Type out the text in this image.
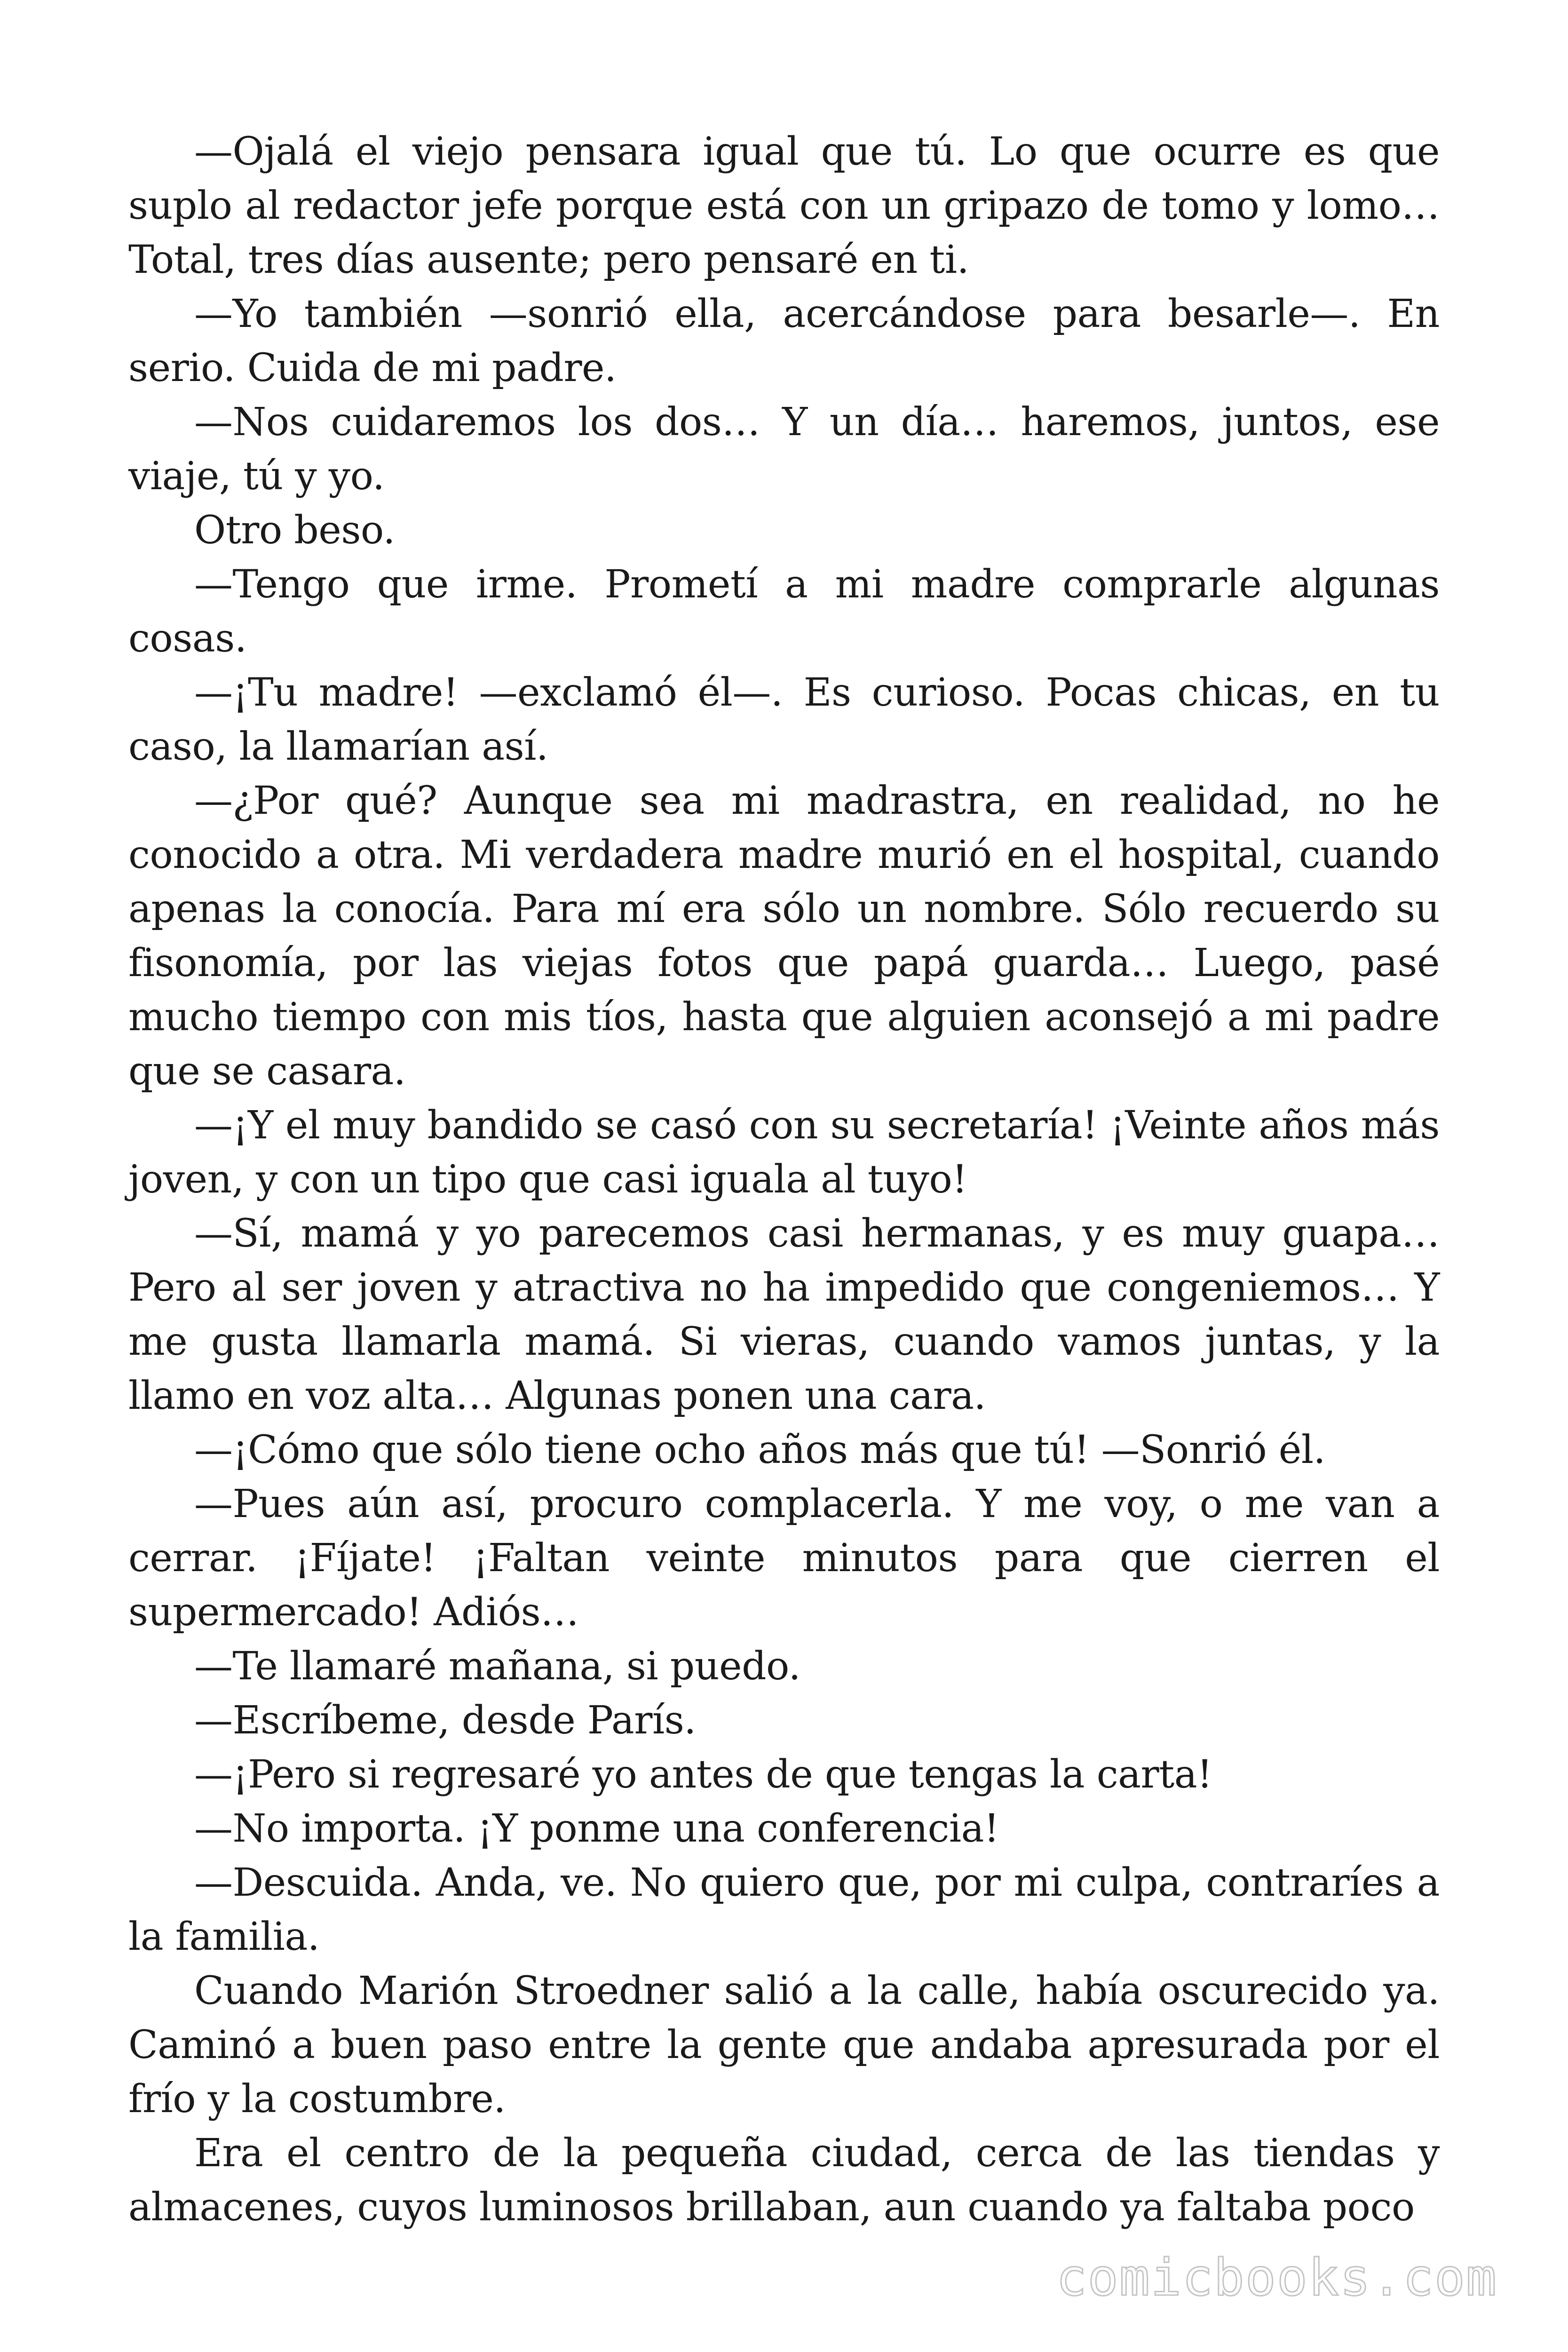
—Ojalá el viejo pensara igual que tú. Lo que ocurre es que suplo al redactor jefe porque está con un gripazo de tomo y lomo… Total, tres días ausente; pero pensaré en ti.

—Yo también —sonrió ella, acercándose para besarle—. En serio. Cuida de mi padre.

—Nos cuidaremos los dos… Y un día… haremos, juntos, ese viaje, tú y yo.

Otro beso.

—Tengo que irme. Prometí a mi madre comprarle algunas cosas.

—¡Tu madre! —exclamó él—. Es curioso. Pocas chicas, en tu caso, la llamarían así.

—¿Por qué? Aunque sea mi madrastra, en realidad, no he conocido a otra. Mi verdadera madre murió en el hospital, cuando apenas la conocía. Para mí era sólo un nombre. Sólo recuerdo su fisonomía, por las viejas fotos que papá guarda… Luego, pasé mucho tiempo con mis tíos, hasta que alguien aconsejó a mi padre que se casara.

—¡Y el muy bandido se casó con su secretaría! ¡Veinte años más joven, y con un tipo que casi iguala al tuyo!

—Sí, mamá y yo parecemos casi hermanas, y es muy guapa… Pero al ser joven y atractiva no ha impedido que congeniemos… Y me gusta llamarla mamá. Si vieras, cuando vamos juntas, y la llamo en voz alta… Algunas ponen una cara.

—¡Cómo que sólo tiene ocho años más que tú! —Sonrió él.

—Pues aún así, procuro complacerla. Y me voy, o me van a cerrar. ¡Fíjate! ¡Faltan veinte minutos para que cierren el supermercado! Adiós…

—Te llamaré mañana, si puedo.

—Escríbeme, desde París.

—¡Pero si regresaré yo antes de que tengas la carta!

—No importa. ¡Y ponme una conferencia!

—Descuida. Anda, ve. No quiero que, por mi culpa, contraríes a la familia.

Cuando Marión Stroedner salió a la calle, había oscurecido ya. Caminó a buen paso entre la gente que andaba apresurada por el frío y la costumbre.

Era el centro de la pequeña ciudad, cerca de las tiendas y almacenes, cuyos luminosos brillaban, aun cuando ya faltaba poco

comicbooks.com
